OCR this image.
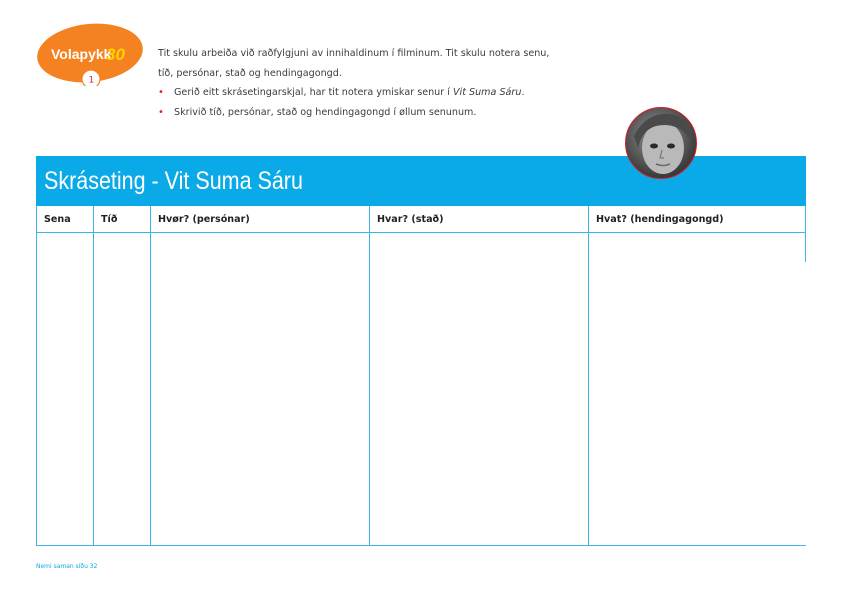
Volapykk
30
1

Tit skulu arbeiða við raðfylgjuni av innihaldinum í filminum. Tit skulu notera senu,
tíð, persónar, stað og hendingagongd.

• Gerið eitt skrásetingarskjal, har tit notera ymiskar senur í Vit Suma Sáru.
• Skrivið tíð, persónar, stað og hendingagongd í øllum senunum.
Skráseting - Vit Suma Sáru
Sena	Tíð	Hvør? (persónar)	Hvar? (stað)	Hvat? (hendingagongd)
Nemi saman síðu 32
